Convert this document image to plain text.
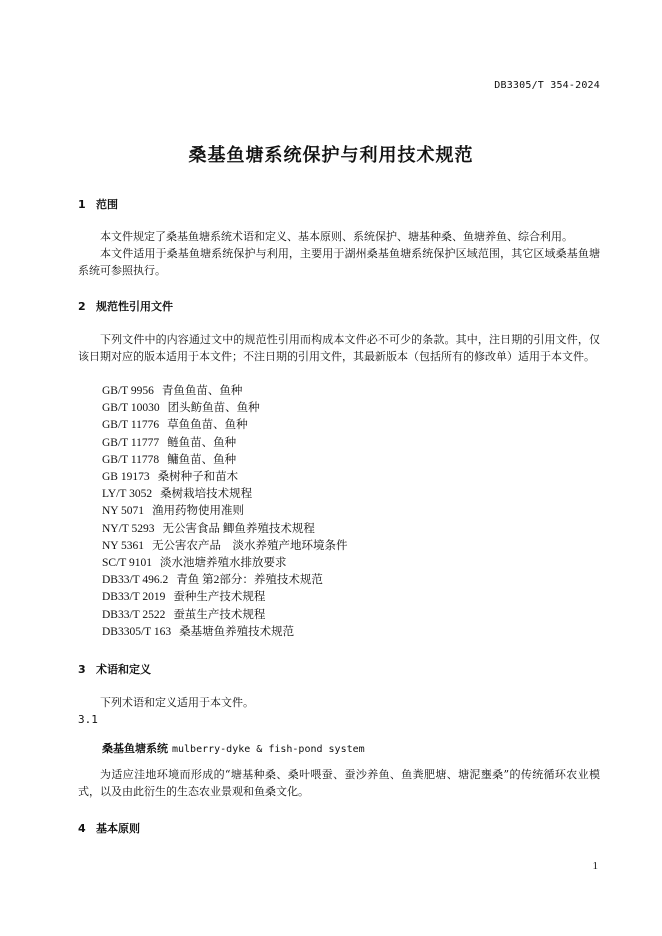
DB3305/T 354-2024
桑基鱼塘系统保护与利用技术规范
1 范围
本文件规定了桑基鱼塘系统术语和定义、基本原则、系统保护、塘基种桑、鱼塘养鱼、综合利用。
本文件适用于桑基鱼塘系统保护与利用，主要用于湖州桑基鱼塘系统保护区域范围，其它区域桑基鱼塘系统可参照执行。
2 规范性引用文件
下列文件中的内容通过文中的规范性引用而构成本文件必不可少的条款。其中，注日期的引用文件，仅该日期对应的版本适用于本文件；不注日期的引用文件，其最新版本（包括所有的修改单）适用于本文件。
GB/T 9956 青鱼鱼苗、鱼种
GB/T 10030 团头鲂鱼苗、鱼种
GB/T 11776 草鱼鱼苗、鱼种
GB/T 11777 鲢鱼苗、鱼种
GB/T 11778 鳙鱼苗、鱼种
GB 19173 桑树种子和苗木
LY/T 3052 桑树栽培技术规程
NY 5071 渔用药物使用准则
NY/T 5293 无公害食品 鲫鱼养殖技术规程
NY 5361 无公害农产品　淡水养殖产地环境条件
SC/T 9101 淡水池塘养殖水排放要求
DB33/T 496.2 青鱼 第2部分：养殖技术规范
DB33/T 2019 蚕种生产技术规程
DB33/T 2522 蚕茧生产技术规程
DB3305/T 163 桑基塘鱼养殖技术规范
3 术语和定义
下列术语和定义适用于本文件。
3.1
桑基鱼塘系统 mulberry-dyke & fish-pond system
为适应洼地环境而形成的“塘基种桑、桑叶喂蚕、蚕沙养鱼、鱼粪肥塘、塘泥壅桑”的传统循环农业模式，以及由此衍生的生态农业景观和鱼桑文化。
4 基本原则
1
